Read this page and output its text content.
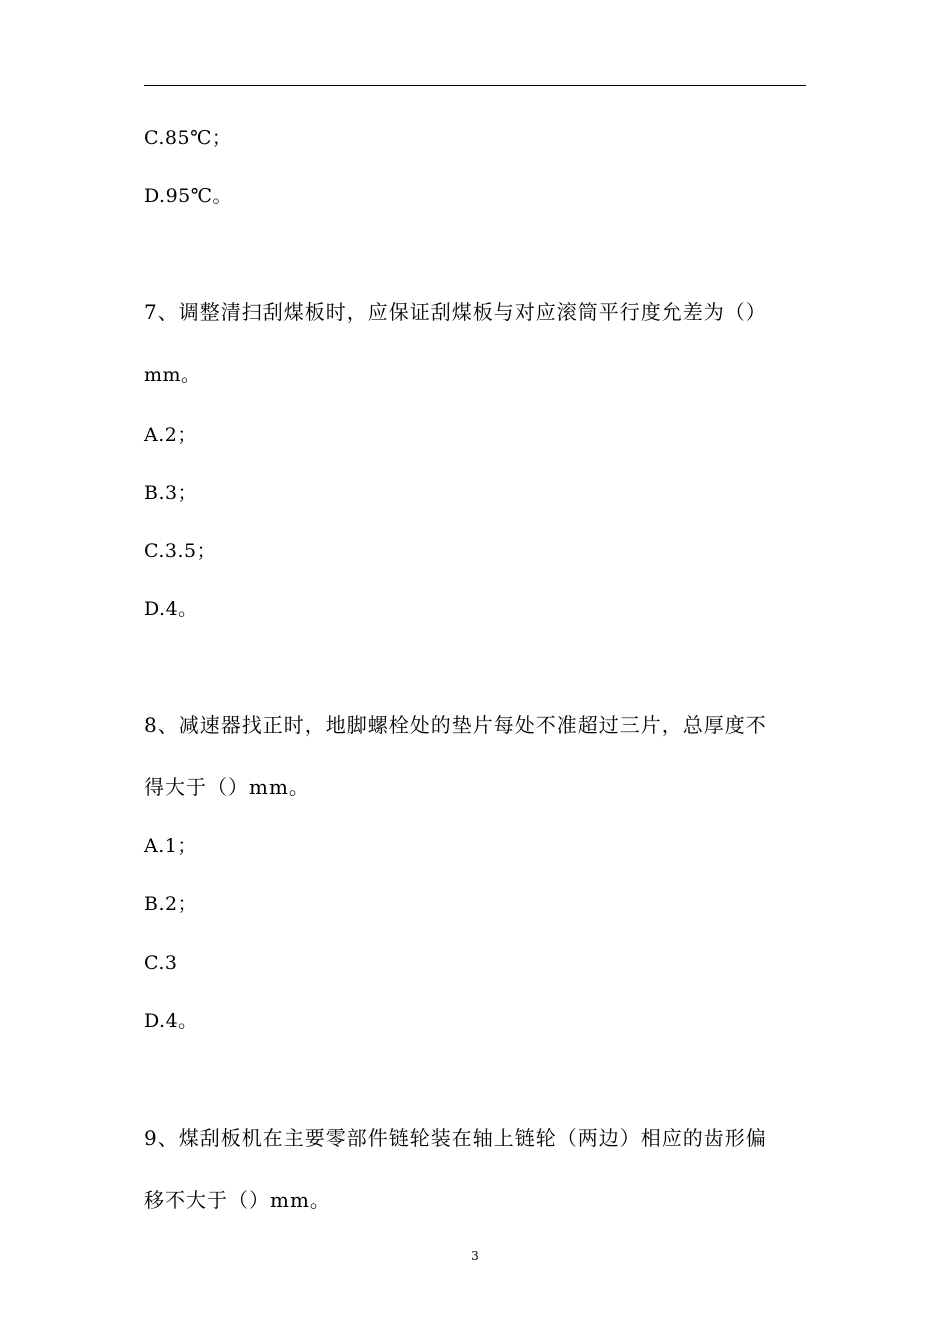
C.85℃；
D.95℃。
7、调整清扫刮煤板时，应保证刮煤板与对应滚筒平行度允差为（）
mm。
A.2；
B.3；
C.3.5；
D.4。
8、减速器找正时，地脚螺栓处的垫片每处不准超过三片，总厚度不
得大于（）mm。
A.1；
B.2；
C.3
D.4。
9、煤刮板机在主要零部件链轮装在轴上链轮（两边）相应的齿形偏
移不大于（）mm。
3
